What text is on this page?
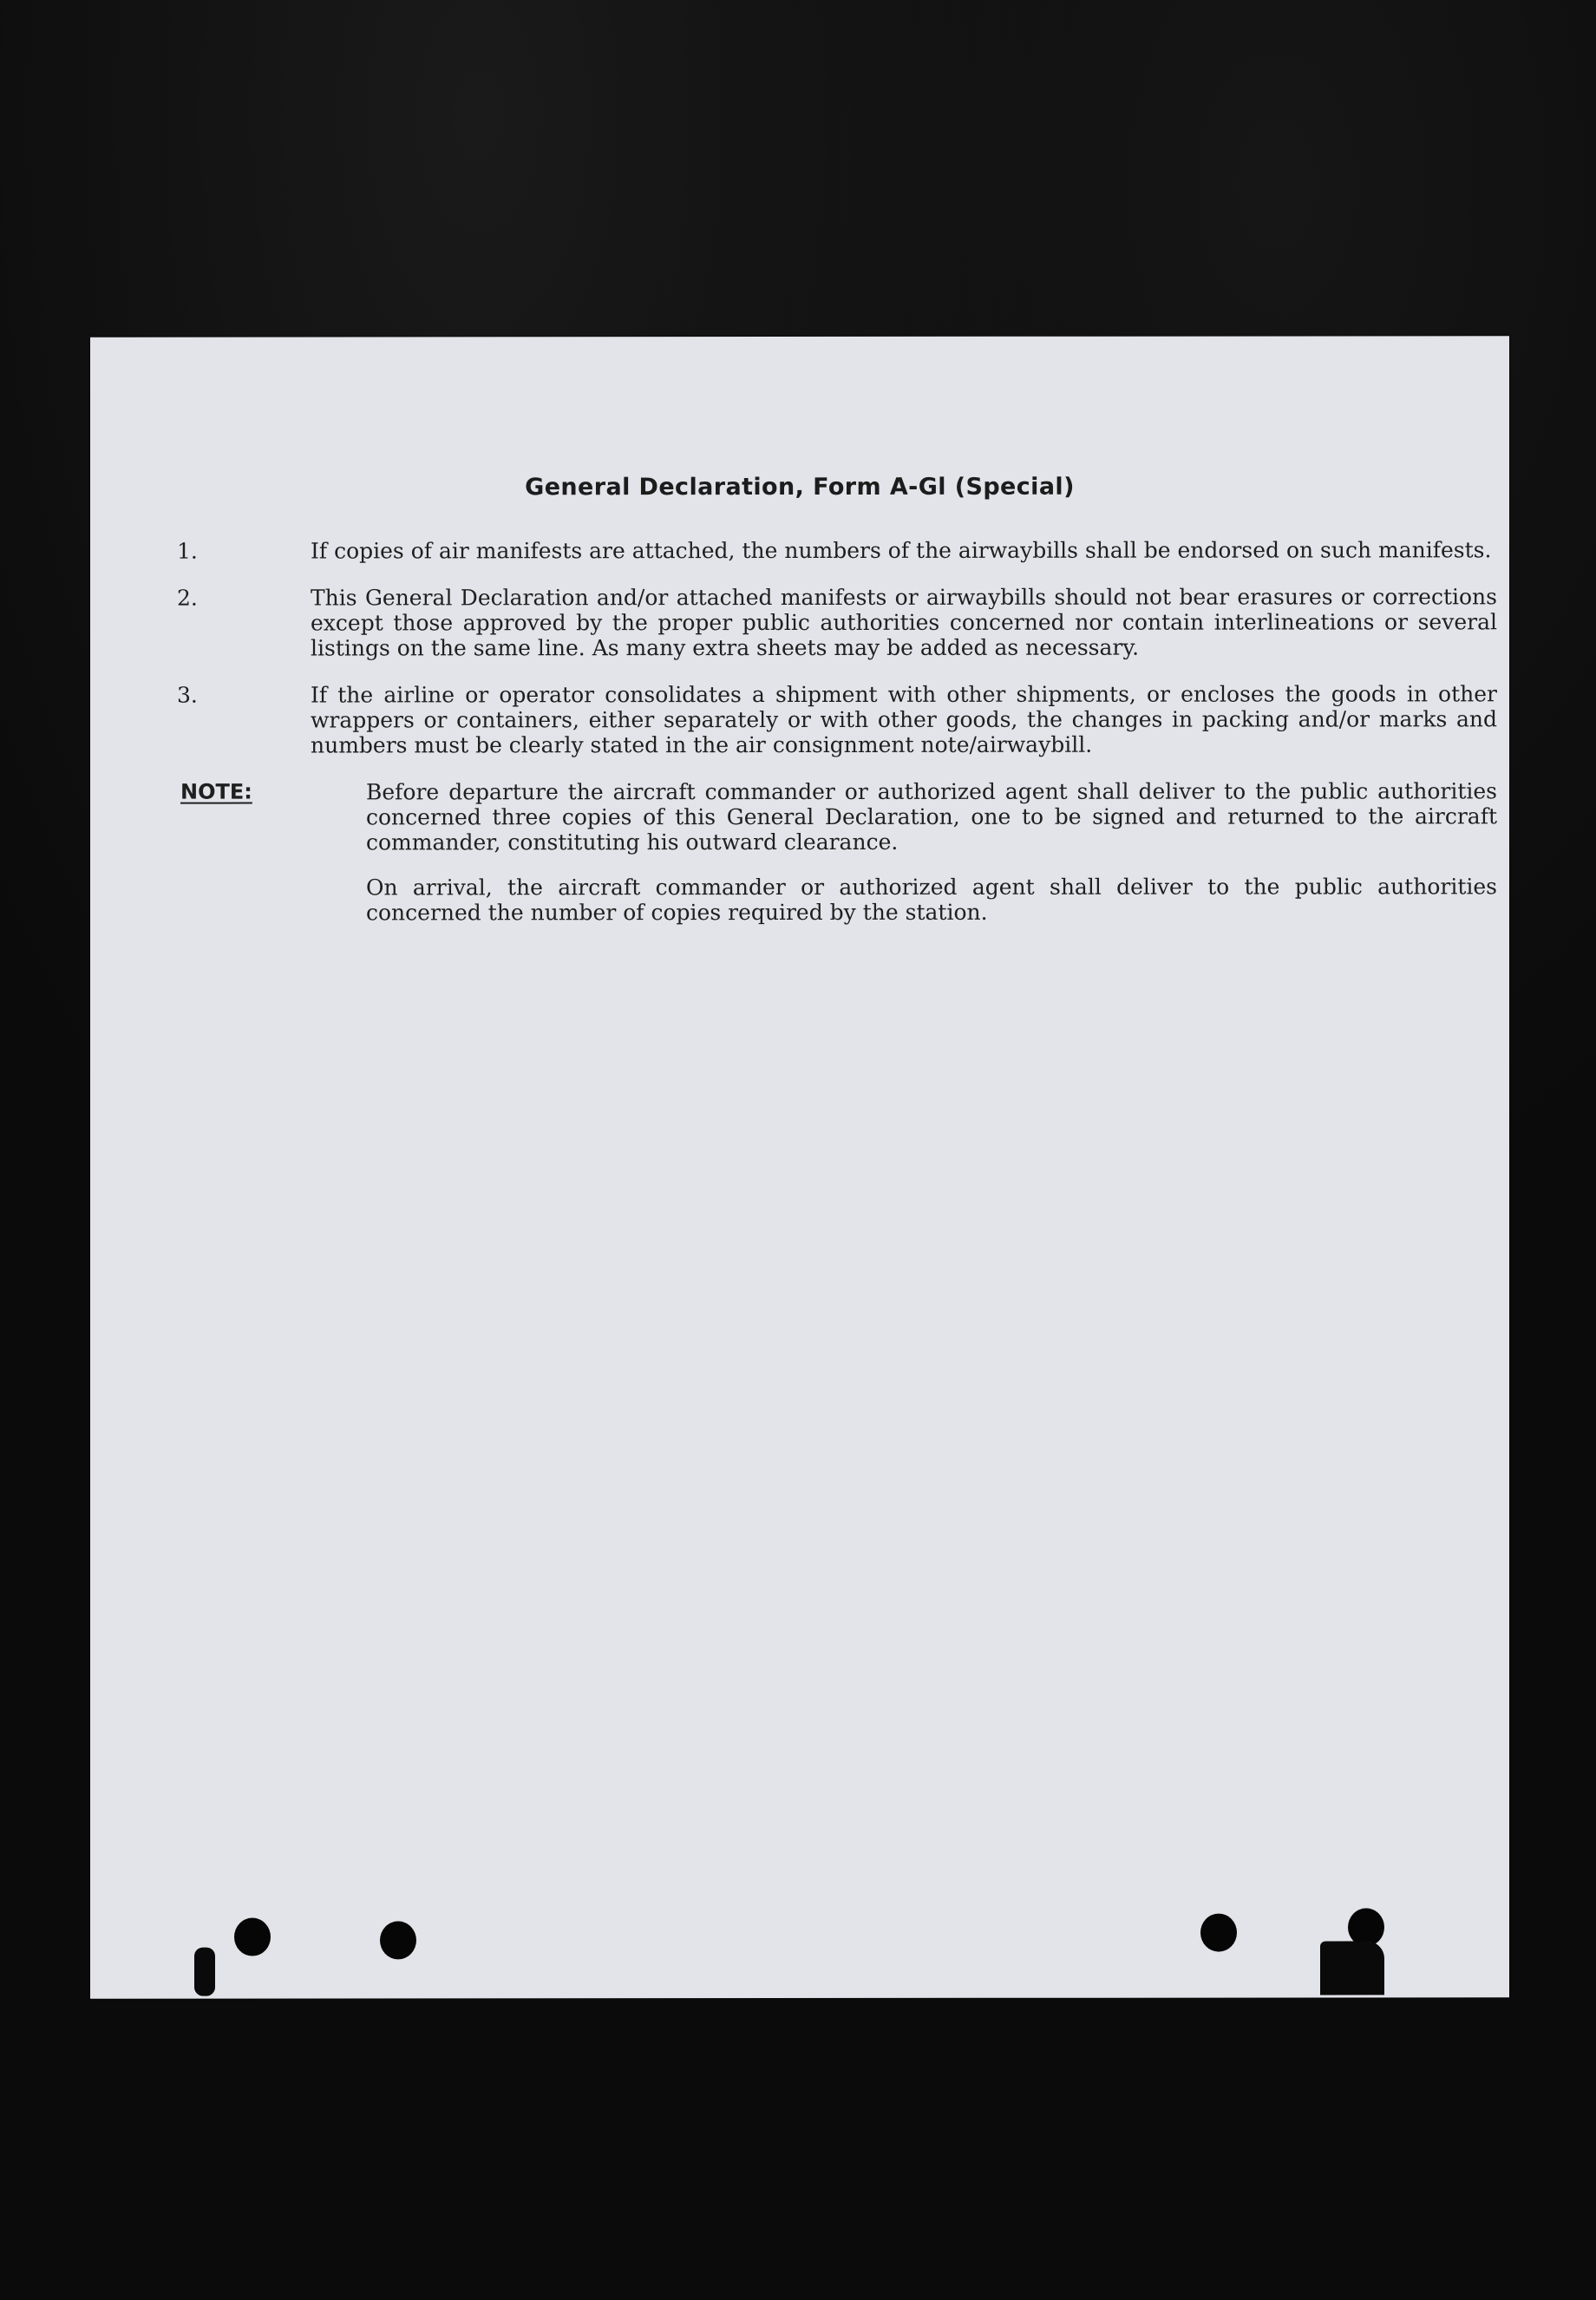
General Declaration, Form A-Gl (Special)
1.	If copies of air manifests are attached, the numbers of the airwaybills shall be endorsed on such manifests.
2.	This General Declaration and/or attached manifests or airwaybills should not bear erasures or corrections except those approved by the proper public authorities concerned nor contain interlineations or several listings on the same line. As many extra sheets may be added as necessary.
3.	If the airline or operator consolidates a shipment with other shipments, or encloses the goods in other wrappers or containers, either separately or with other goods, the changes in packing and/or marks and numbers must be clearly stated in the air consignment note/airwaybill.
NOTE:	Before departure the aircraft commander or authorized agent shall deliver to the public authorities concerned three copies of this General Declaration, one to be signed and returned to the aircraft commander, constituting his outward clearance.
On arrival, the aircraft commander or authorized agent shall deliver to the public authorities concerned the number of copies required by the station.
